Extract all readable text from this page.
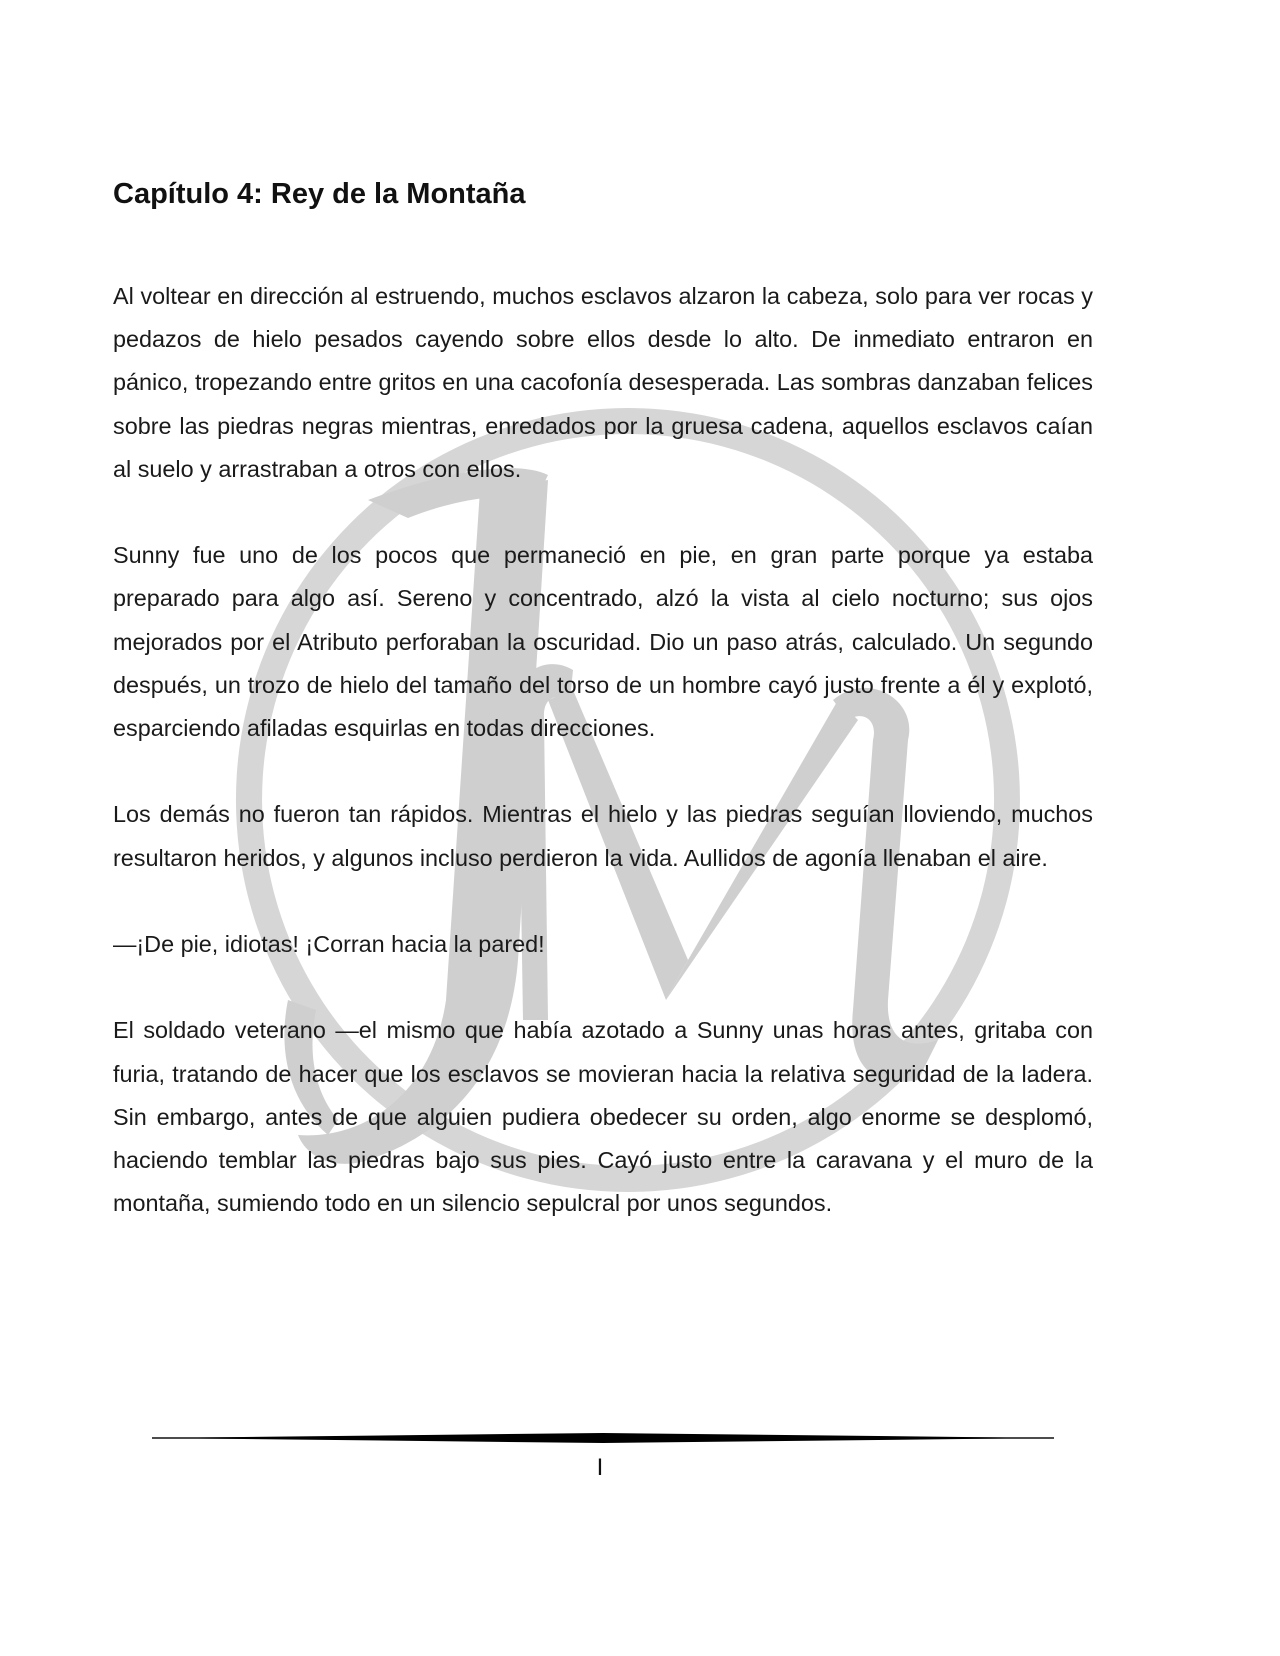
Capítulo 4: Rey de la Montaña

Al voltear en dirección al estruendo, muchos esclavos alzaron la cabeza, solo para ver rocas y pedazos de hielo pesados cayendo sobre ellos desde lo alto. De inmediato entraron en pánico, tropezando entre gritos en una cacofonía desesperada. Las sombras danzaban felices sobre las piedras negras mientras, enredados por la gruesa cadena, aquellos esclavos caían al suelo y arrastraban a otros con ellos.

Sunny fue uno de los pocos que permaneció en pie, en gran parte porque ya estaba preparado para algo así. Sereno y concentrado, alzó la vista al cielo nocturno; sus ojos mejorados por el Atributo perforaban la oscuridad. Dio un paso atrás, calculado. Un segundo después, un trozo de hielo del tamaño del torso de un hombre cayó justo frente a él y explotó, esparciendo afiladas esquirlas en todas direcciones.

Los demás no fueron tan rápidos. Mientras el hielo y las piedras seguían lloviendo, muchos resultaron heridos, y algunos incluso perdieron la vida. Aullidos de agonía llenaban el aire.

—¡De pie, idiotas! ¡Corran hacia la pared!

El soldado veterano —el mismo que había azotado a Sunny unas horas antes, gritaba con furia, tratando de hacer que los esclavos se movieran hacia la relativa seguridad de la ladera. Sin embargo, antes de que alguien pudiera obedecer su orden, algo enorme se desplomó, haciendo temblar las piedras bajo sus pies. Cayó justo entre la caravana y el muro de la montaña, sumiendo todo en un silencio sepulcral por unos segundos.

I
